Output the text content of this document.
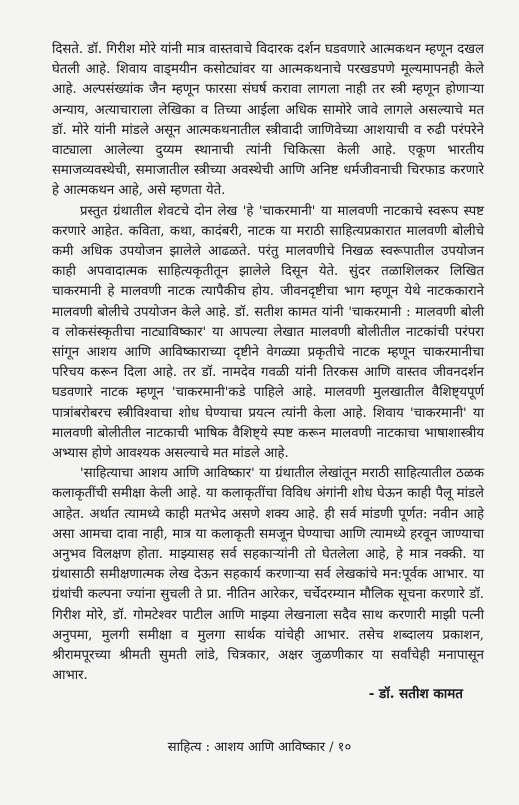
दिसते. डॉ. गिरीश मोरे यांनी मात्र वास्तवाचे विदारक दर्शन घडवणारे आत्मकथन म्हणून दखल घेतली आहे. शिवाय वाड्मयीन कसोट्यांवर या आत्मकथनाचे परखडपणे मूल्यमापनही केले आहे. अल्पसंख्यांक जैन म्हणून फारसा संघर्ष करावा लागला नाही तर स्त्री म्हणून होणाऱ्या अन्याय, अत्याचाराला लेखिका व तिच्या आईला अधिक सामोरे जावे लागले असल्याचे मत डॉ. मोरे यांनी मांडले असून आत्मकथनातील स्त्रीवादी जाणिवेच्या आशयाची व रुढी परंपरेने वाट्याला आलेल्या दुय्यम स्थानाची त्यांनी चिकित्सा केली आहे. एकूण भारतीय समाजव्यवस्थेची, समाजातील स्त्रीच्या अवस्थेची आणि अनिष्ट धर्मजीवनाची चिरफाड करणारे हे आत्मकथन आहे, असे म्हणता येते.

प्रस्तुत ग्रंथातील शेवटचे दोन लेख 'हे 'चाकरमानी' या मालवणी नाटकाचे स्वरूप स्पष्ट करणारे आहेत. कविता, कथा, कादंबरी, नाटक या मराठी साहित्यप्रकारात मालवणी बोलीचे कमी अधिक उपयोजन झालेले आढळते. परंतु मालवणीचे निखळ स्वरूपातील उपयोजन काही अपवादात्मक साहित्यकृतीतून झालेले दिसून येते. सुंदर तळाशिलकर लिखित चाकरमानी हे मालवणी नाटक त्यापैकीच होय. जीवनदृष्टीचा भाग म्हणून येथे नाटककाराने मालवणी बोलीचे उपयोजन केले आहे. डॉ. सतीश कामत यांनी 'चाकरमानी : मालवणी बोली व लोकसंस्कृतीचा नाट्याविष्कार' या आपल्या लेखात मालवणी बोलीतील नाटकांची परंपरा सांगून आशय आणि आविष्काराच्या दृष्टीने वेगळ्या प्रकृतीचे नाटक म्हणून चाकरमानीचा परिचय करून दिला आहे. तर डॉ. नामदेव गवळी यांनी तिरकस आणि वास्तव जीवनदर्शन घडवणारे नाटक म्हणून 'चाकरमानी'कडे पाहिले आहे. मालवणी मुलखातील वैशिष्ट्यपूर्ण पात्रांबरोबरच स्त्रीविश्वाचा शोध घेण्याचा प्रयत्न त्यांनी केला आहे. शिवाय 'चाकरमानी' या मालवणी बोलीतील नाटकाची भाषिक वैशिष्ट्ये स्पष्ट करून मालवणी नाटकाचा भाषाशास्त्रीय अभ्यास होणे आवश्यक असल्याचे मत मांडले आहे.

'साहित्याचा आशय आणि आविष्कार' या ग्रंथातील लेखांतून मराठी साहित्यातील ठळक कलाकृतींची समीक्षा केली आहे. या कलाकृतींचा विविध अंगांनी शोध घेऊन काही पैलू मांडले आहेत. अर्थात त्यामध्ये काही मतभेद असणे शक्य आहे. ही सर्व मांडणी पूर्णत: नवीन आहे असा आमचा दावा नाही, मात्र या कलाकृती समजून घेण्याचा आणि त्यामध्ये हरवून जाण्याचा अनुभव विलक्षण होता. माझ्यासह सर्व सहकाऱ्यांनी तो घेतलेला आहे, हे मात्र नक्की. या ग्रंथासाठी समीक्षणात्मक लेख देऊन सहकार्य करणाऱ्या सर्व लेखकांचे मन:पूर्वक आभार. या ग्रंथांची कल्पना ज्यांना सुचली ते प्रा. नीतिन आरेकर, चर्चेदरम्यान मौलिक सूचना करणारे डॉ. गिरीश मोरे, डॉ. गोमटेश्वर पाटील आणि माझ्या लेखनाला सदैव साथ करणारी माझी पत्नी अनुपमा, मुलगी समीक्षा व मुलगा सार्थक यांचेही आभार. तसेच शब्दालय प्रकाशन, श्रीरामपूरच्या श्रीमती सुमती लांडे, चित्रकार, अक्षर जुळणीकार या सर्वांचेही मनापासून आभार.

- डॉ. सतीश कामत
साहित्य : आशय आणि आविष्कार / १०
